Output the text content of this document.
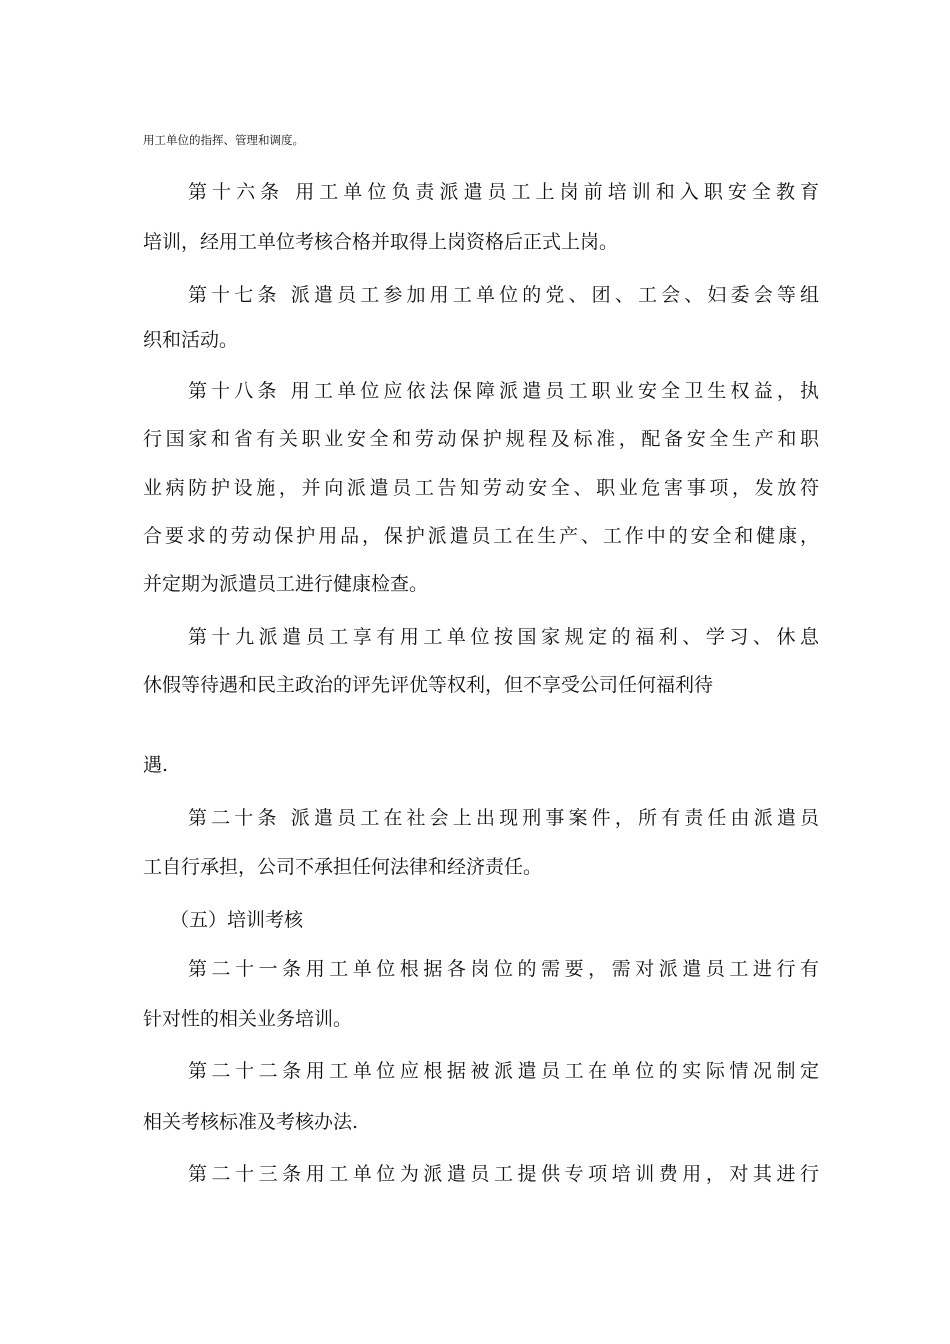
用工单位的指挥、管理和调度。
第十六条 用工单位负责派遣员工上岗前培训和入职安全教育
培训，经用工单位考核合格并取得上岗资格后正式上岗。
第十七条 派遣员工参加用工单位的党、团、工会、妇委会等组
织和活动。
第十八条 用工单位应依法保障派遣员工职业安全卫生权益，执
行国家和省有关职业安全和劳动保护规程及标准，配备安全生产和职
业病防护设施，并向派遣员工告知劳动安全、职业危害事项，发放符
合要求的劳动保护用品，保护派遣员工在生产、工作中的安全和健康，
并定期为派遣员工进行健康检查。
第十九派遣员工享有用工单位按国家规定的福利、学习、休息
休假等待遇和民主政治的评先评优等权利，但不享受公司任何福利待
遇.
第二十条 派遣员工在社会上出现刑事案件，所有责任由派遣员
工自行承担，公司不承担任何法律和经济责任。
（五）培训考核
第二十一条用工单位根据各岗位的需要，需对派遣员工进行有
针对性的相关业务培训。
第二十二条用工单位应根据被派遣员工在单位的实际情况制定
相关考核标准及考核办法.
第二十三条用工单位为派遣员工提供专项培训费用，对其进行
